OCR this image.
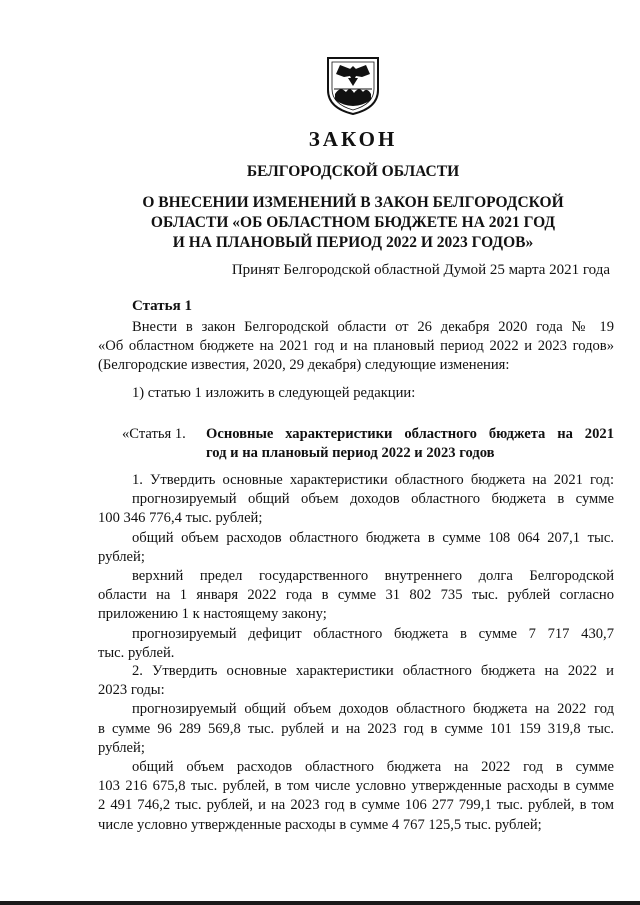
ЗАКОН
БЕЛГОРОДСКОЙ ОБЛАСТИ
О ВНЕСЕНИИ ИЗМЕНЕНИЙ В ЗАКОН БЕЛГОРОДСКОЙ
ОБЛАСТИ «ОБ ОБЛАСТНОМ БЮДЖЕТЕ НА 2021 ГОД
И НА ПЛАНОВЫЙ ПЕРИОД 2022 И 2023 ГОДОВ»
Принят Белгородской областной Думой 25 марта 2021 года
Статья 1
Внести в закон Белгородской области от 26 декабря 2020 года № 19
«Об областном бюджете на 2021 год и на плановый период 2022 и 2023 годов»
(Белгородские известия, 2020, 29 декабря) следующие изменения:
1) статью 1 изложить в следующей редакции:
«Статья 1. Основные характеристики областного бюджета на 2021
год и на плановый период 2022 и 2023 годов
1. Утвердить основные характеристики областного бюджета на 2021 год:
прогнозируемый общий объем доходов областного бюджета в сумме
100 346 776,4 тыс. рублей;
общий объем расходов областного бюджета в сумме 108 064 207,1 тыс.
рублей;
верхний предел государственного внутреннего долга Белгородской
области на 1 января 2022 года в сумме 31 802 735 тыс. рублей согласно
приложению 1 к настоящему закону;
прогнозируемый дефицит областного бюджета в сумме 7 717 430,7
тыс. рублей.
2. Утвердить основные характеристики областного бюджета на 2022 и
2023 годы:
прогнозируемый общий объем доходов областного бюджета на 2022 год
в сумме 96 289 569,8 тыс. рублей и на 2023 год в сумме 101 159 319,8 тыс.
рублей;
общий объем расходов областного бюджета на 2022 год в сумме
103 216 675,8 тыс. рублей, в том числе условно утвержденные расходы в сумме
2 491 746,2 тыс. рублей, и на 2023 год в сумме 106 277 799,1 тыс. рублей, в том
числе условно утвержденные расходы в сумме 4 767 125,5 тыс. рублей;
